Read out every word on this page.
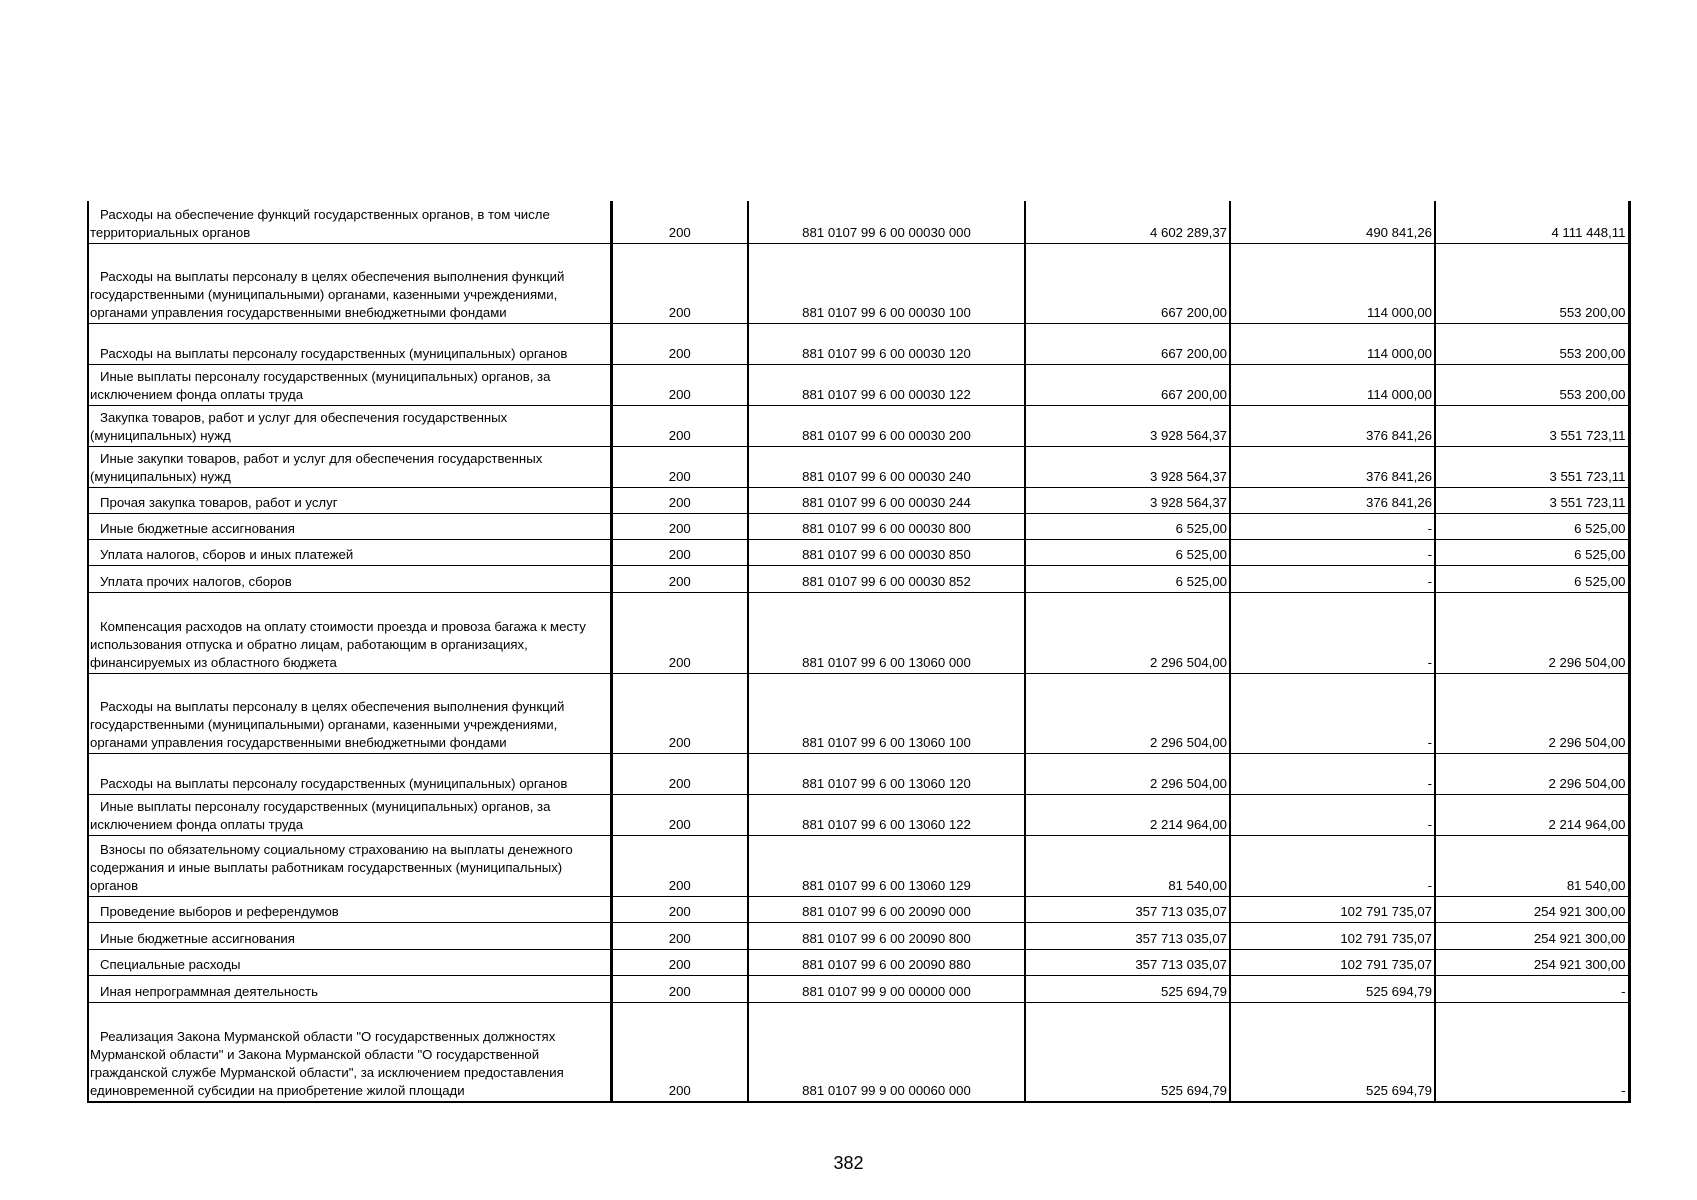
Расходы на обеспечение функций государственных органов, в том числе территориальных органов	200	881 0107 99 6 00 00030 000	4 602 289,37	490 841,26	4 111 448,11
Расходы на выплаты персоналу в целях обеспечения выполнения функций государственными (муниципальными) органами, казенными учреждениями, органами управления государственными внебюджетными фондами	200	881 0107 99 6 00 00030 100	667 200,00	114 000,00	553 200,00
Расходы на выплаты персоналу государственных (муниципальных) органов	200	881 0107 99 6 00 00030 120	667 200,00	114 000,00	553 200,00
Иные выплаты персоналу государственных (муниципальных) органов, за исключением фонда оплаты труда	200	881 0107 99 6 00 00030 122	667 200,00	114 000,00	553 200,00
Закупка товаров, работ и услуг для обеспечения государственных (муниципальных) нужд	200	881 0107 99 6 00 00030 200	3 928 564,37	376 841,26	3 551 723,11
Иные закупки товаров, работ и услуг для обеспечения государственных (муниципальных) нужд	200	881 0107 99 6 00 00030 240	3 928 564,37	376 841,26	3 551 723,11
Прочая закупка товаров, работ и услуг	200	881 0107 99 6 00 00030 244	3 928 564,37	376 841,26	3 551 723,11
Иные бюджетные ассигнования	200	881 0107 99 6 00 00030 800	6 525,00	-	6 525,00
Уплата налогов, сборов и иных платежей	200	881 0107 99 6 00 00030 850	6 525,00	-	6 525,00
Уплата прочих налогов, сборов	200	881 0107 99 6 00 00030 852	6 525,00	-	6 525,00
Компенсация расходов на оплату стоимости проезда и провоза багажа к месту использования отпуска и обратно лицам, работающим в организациях, финансируемых из областного бюджета	200	881 0107 99 6 00 13060 000	2 296 504,00	-	2 296 504,00
Расходы на выплаты персоналу в целях обеспечения выполнения функций государственными (муниципальными) органами, казенными учреждениями, органами управления государственными внебюджетными фондами	200	881 0107 99 6 00 13060 100	2 296 504,00	-	2 296 504,00
Расходы на выплаты персоналу государственных (муниципальных) органов	200	881 0107 99 6 00 13060 120	2 296 504,00	-	2 296 504,00
Иные выплаты персоналу государственных (муниципальных) органов, за исключением фонда оплаты труда	200	881 0107 99 6 00 13060 122	2 214 964,00	-	2 214 964,00
Взносы по обязательному социальному страхованию на выплаты денежного содержания и иные выплаты работникам государственных (муниципальных) органов	200	881 0107 99 6 00 13060 129	81 540,00	-	81 540,00
Проведение выборов и референдумов	200	881 0107 99 6 00 20090 000	357 713 035,07	102 791 735,07	254 921 300,00
Иные бюджетные ассигнования	200	881 0107 99 6 00 20090 800	357 713 035,07	102 791 735,07	254 921 300,00
Специальные расходы	200	881 0107 99 6 00 20090 880	357 713 035,07	102 791 735,07	254 921 300,00
Иная непрограммная деятельность	200	881 0107 99 9 00 00000 000	525 694,79	525 694,79	-
Реализация Закона Мурманской области "О государственных должностях Мурманской области" и Закона Мурманской области "О государственной гражданской службе Мурманской области", за исключением предоставления единовременной субсидии на приобретение жилой площади	200	881 0107 99 9 00 00060 000	525 694,79	525 694,79	-
382
